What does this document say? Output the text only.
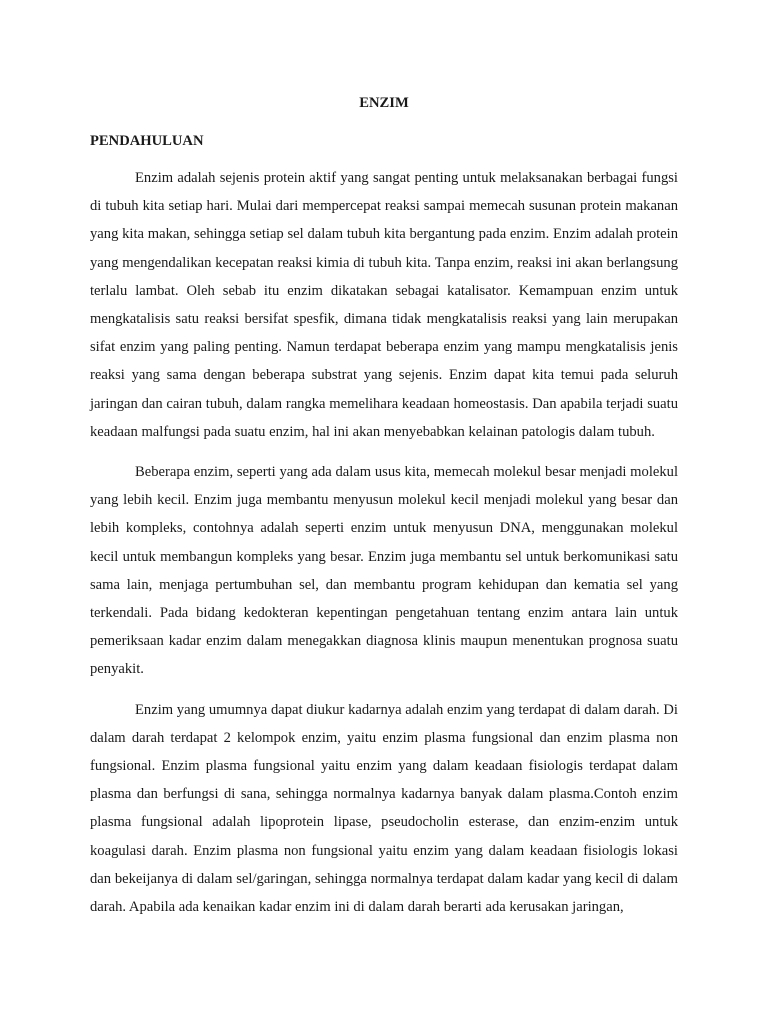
ENZIM

PENDAHULUAN

Enzim adalah sejenis protein aktif yang sangat penting untuk melaksanakan berbagai fungsi di tubuh kita setiap hari. Mulai dari mempercepat reaksi sampai memecah susunan protein makanan yang kita makan, sehingga setiap sel dalam tubuh kita bergantung pada enzim. Enzim adalah protein yang mengendalikan kecepatan reaksi kimia di tubuh kita. Tanpa enzim, reaksi ini akan berlangsung terlalu lambat. Oleh sebab itu enzim dikatakan sebagai katalisator. Kemampuan enzim untuk mengkatalisis satu reaksi bersifat spesfik, dimana tidak mengkatalisis reaksi yang lain merupakan sifat enzim yang paling penting. Namun terdapat beberapa enzim yang mampu mengkatalisis jenis reaksi yang sama dengan beberapa substrat yang sejenis. Enzim dapat kita temui pada seluruh jaringan dan cairan tubuh, dalam rangka memelihara keadaan homeostasis. Dan apabila terjadi suatu keadaan malfungsi pada suatu enzim, hal ini akan menyebabkan kelainan patologis dalam tubuh.

Beberapa enzim, seperti yang ada dalam usus kita, memecah molekul besar menjadi molekul yang lebih kecil. Enzim juga membantu menyusun molekul kecil menjadi molekul yang besar dan lebih kompleks, contohnya adalah seperti enzim untuk menyusun DNA, menggunakan molekul kecil untuk membangun kompleks yang besar. Enzim juga membantu sel untuk berkomunikasi satu sama lain, menjaga pertumbuhan sel, dan membantu program kehidupan dan kematia sel yang terkendali. Pada bidang kedokteran kepentingan pengetahuan tentang enzim antara lain untuk pemeriksaan kadar enzim dalam menegakkan diagnosa klinis maupun menentukan prognosa suatu penyakit.

Enzim yang umumnya dapat diukur kadarnya adalah enzim yang terdapat di dalam darah. Di dalam darah terdapat 2 kelompok enzim, yaitu enzim plasma fungsional dan enzim plasma non fungsional. Enzim plasma fungsional yaitu enzim yang dalam keadaan fisiologis terdapat dalam plasma dan berfungsi di sana, sehingga normalnya kadarnya banyak dalam plasma.Contoh enzim plasma fungsional adalah lipoprotein lipase, pseudocholin esterase, dan enzim-enzim untuk koagulasi darah. Enzim plasma non fungsional yaitu enzim yang dalam keadaan fisiologis lokasi dan bekeijanya di dalam sel/garingan, sehingga normalnya terdapat dalam kadar yang kecil di dalam darah. Apabila ada kenaikan kadar enzim ini di dalam darah berarti ada kerusakan jaringan,
